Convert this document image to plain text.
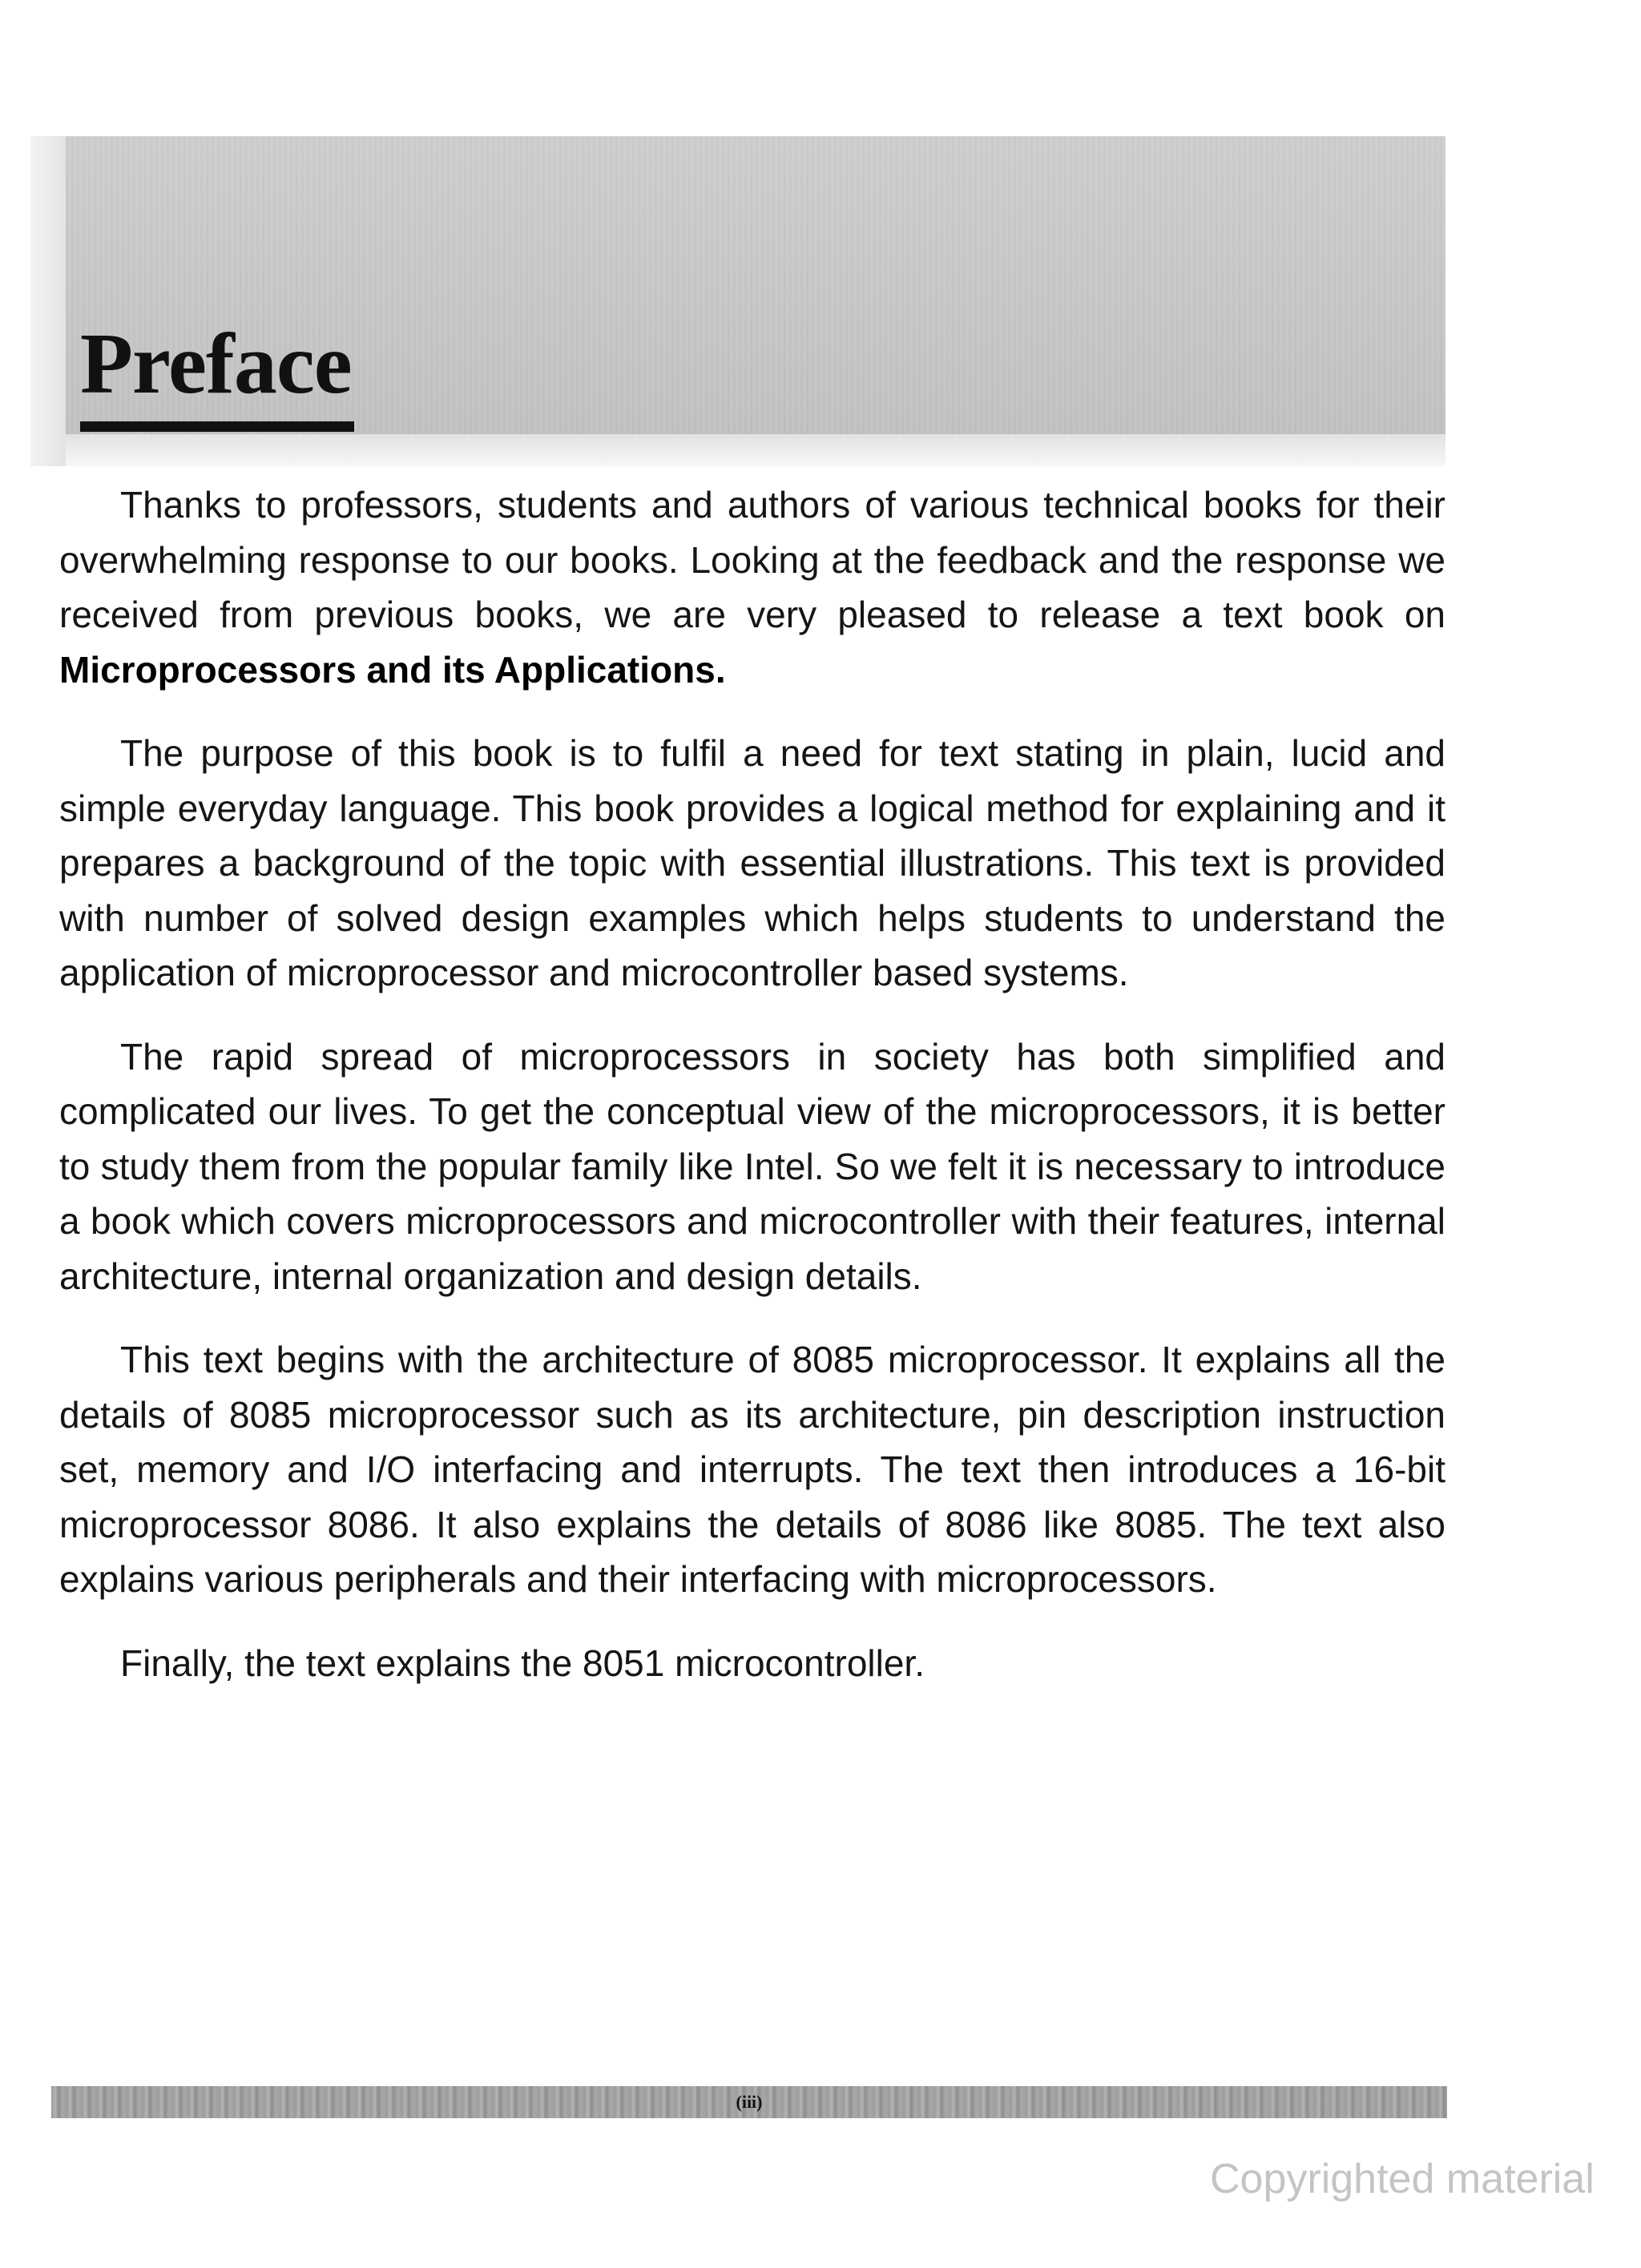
Preface

Thanks to professors, students and authors of various technical books for their overwhelming response to our books. Looking at the feedback and the response we received from previous books, we are very pleased to release a text book on Microprocessors and its Applications.

The purpose of this book is to fulfil a need for text stating in plain, lucid and simple everyday language. This book provides a logical method for explaining and it prepares a background of the topic with essential illustrations. This text is provided with number of solved design examples which helps students to understand the application of microprocessor and microcontroller based systems.

The rapid spread of microprocessors in society has both simplified and complicated our lives. To get the conceptual view of the microprocessors, it is better to study them from the popular family like Intel. So we felt it is necessary to introduce a book which covers microprocessors and microcontroller with their features, internal architecture, internal organization and design details.

This text begins with the architecture of 8085 microprocessor. It explains all the details of 8085 microprocessor such as its architecture, pin description instruction set, memory and I/O interfacing and interrupts. The text then introduces a 16-bit microprocessor 8086. It also explains the details of 8086 like 8085. The text also explains various peripherals and their interfacing with microprocessors.

Finally, the text explains the 8051 microcontroller.

(iii)
Copyrighted material
